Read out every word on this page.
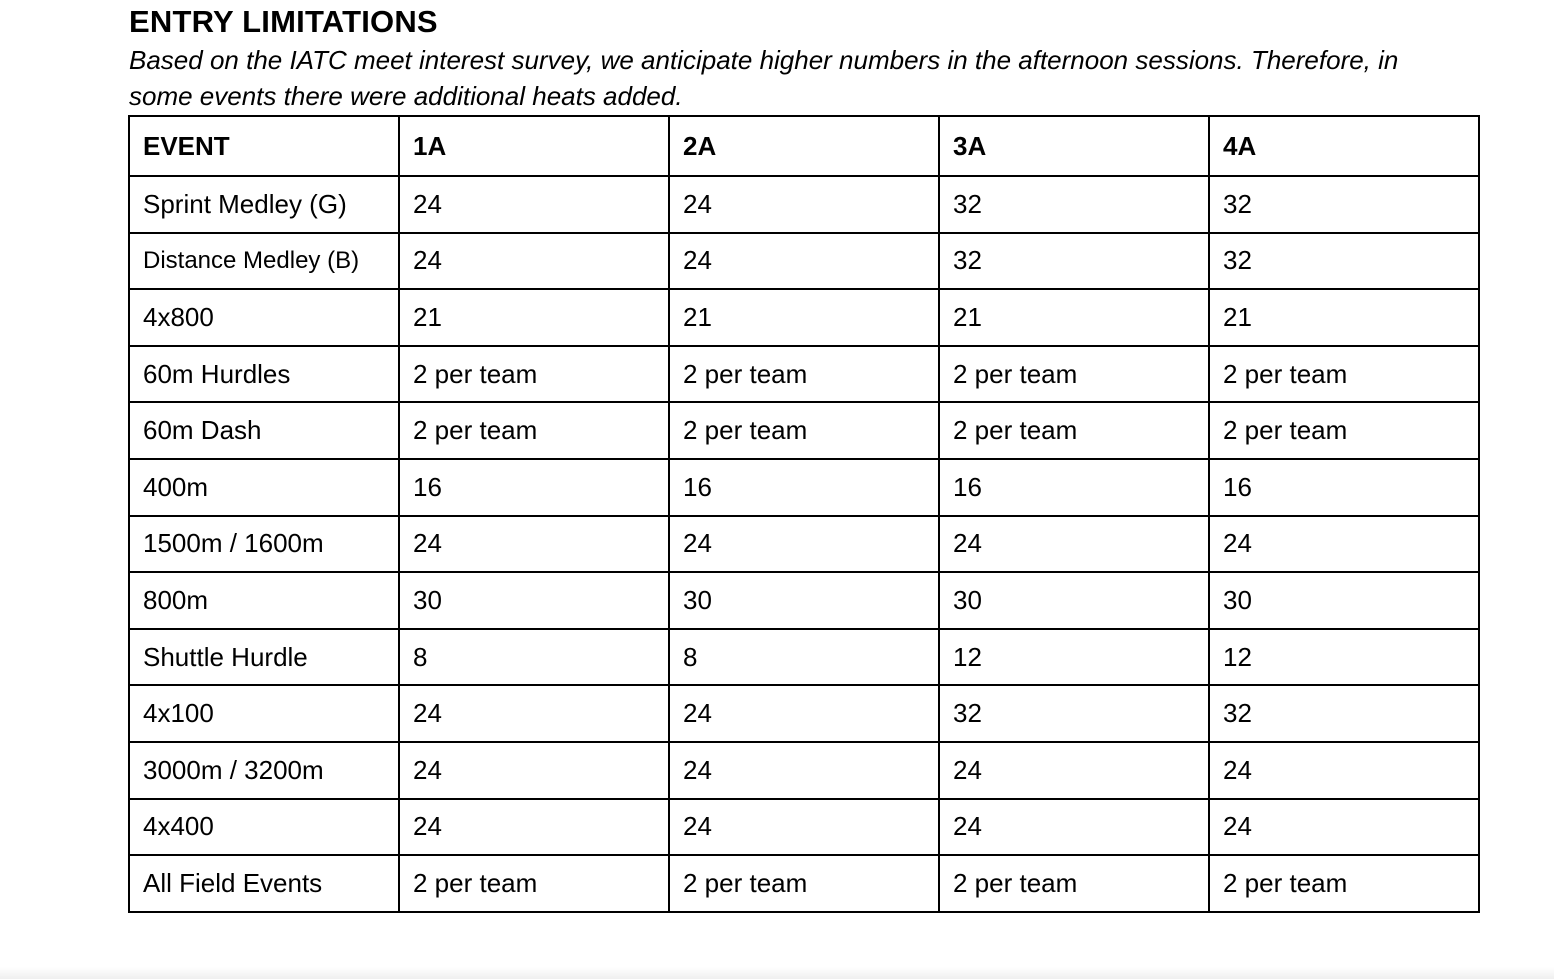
ENTRY LIMITATIONS
Based on the IATC meet interest survey, we anticipate higher numbers in the afternoon sessions. Therefore, in some events there were additional heats added.
EVENT	1A	2A	3A	4A
Sprint Medley (G)	24	24	32	32
Distance Medley (B)	24	24	32	32
4x800	21	21	21	21
60m Hurdles	2 per team	2 per team	2 per team	2 per team
60m Dash	2 per team	2 per team	2 per team	2 per team
400m	16	16	16	16
1500m / 1600m	24	24	24	24
800m	30	30	30	30
Shuttle Hurdle	8	8	12	12
4x100	24	24	32	32
3000m / 3200m	24	24	24	24
4x400	24	24	24	24
All Field Events	2 per team	2 per team	2 per team	2 per team
